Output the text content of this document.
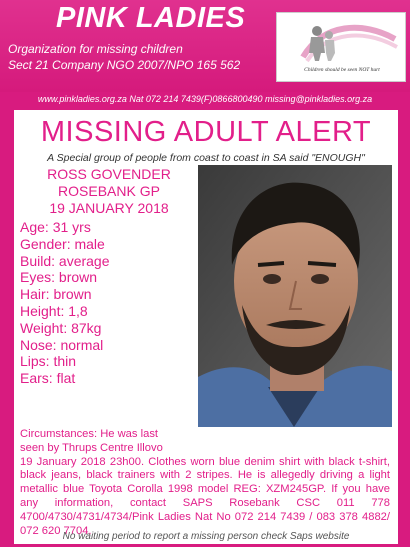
PINK LADIES
Organization for missing children
Sect 21 Company NGO 2007/NPO 165 562	Children should be seen NOT hurt
www.pinkladies.org.za Nat 072 214 7439(F)0866800490 missing@pinkladies.org.za
MISSING ADULT ALERT
A Special group of people from coast to coast in SA said "ENOUGH"
ROSS GOVENDER
ROSEBANK GP
19 JANUARY 2018
Age: 31 yrs
Gender: male
Build: average
Eyes: brown
Hair: brown
Height: 1,8
Weight: 87kg
Nose: normal
Lips: thin
Ears: flat
Circumstances: He was last
seen by Thrups Centre Illovo
19 January 2018 23h00. Clothes worn blue denim shirt with black t-shirt, black jeans, black trainers with 2 stripes. He is allegedly driving a light metallic blue Toyota Corolla 1998 model REG: XZM245GP. If you have any information, contact SAPS Rosebank CSC 011 778 4700/4730/4731/4734/Pink Ladies Nat No 072 214 7439 / 083 378 4882/ 072 620 7704.
No waiting period to report a missing person check Saps website
